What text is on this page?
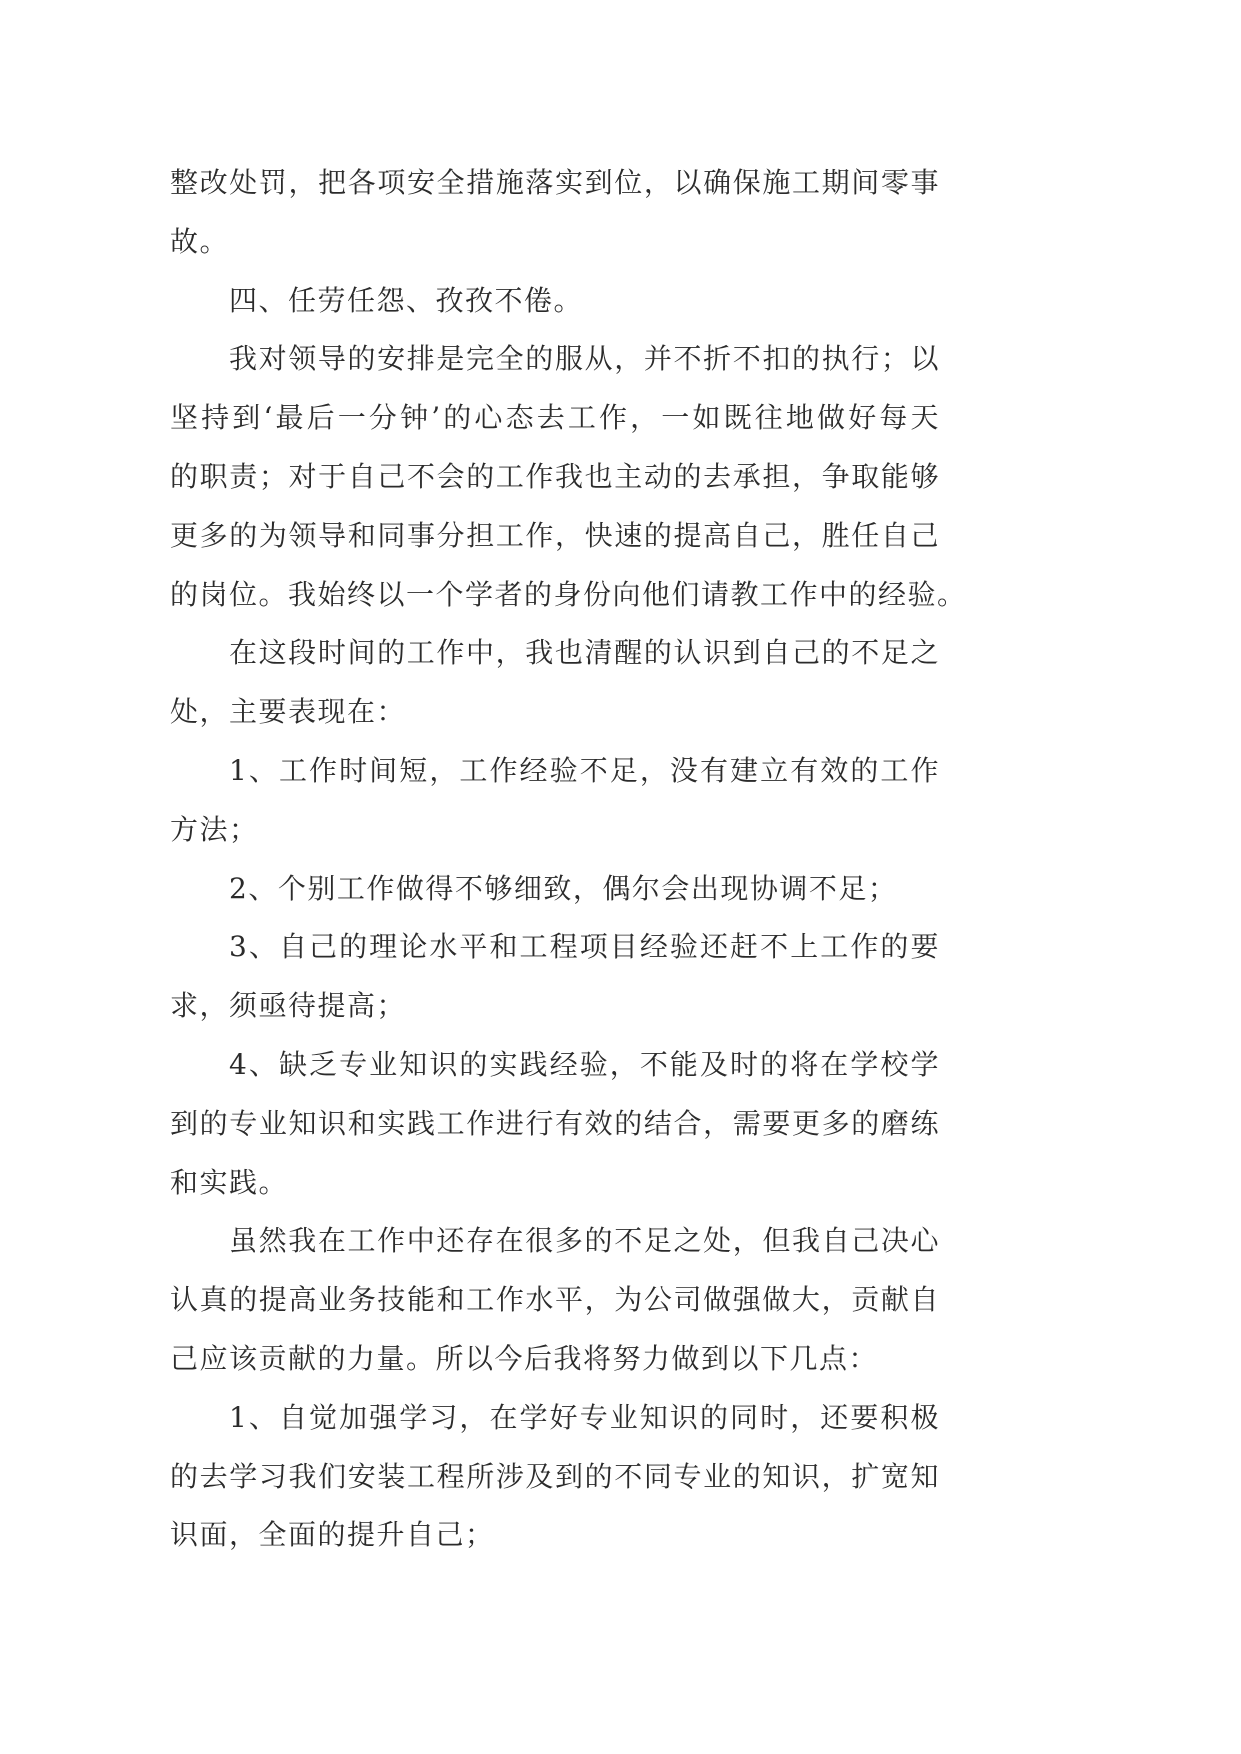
整改处罚，把各项安全措施落实到位，以确保施工期间零事
故。
四、任劳任怨、孜孜不倦。
我对领导的安排是完全的服从，并不折不扣的执行；以
坚持到‘最后一分钟’的心态去工作，一如既往地做好每天
的职责；对于自己不会的工作我也主动的去承担，争取能够
更多的为领导和同事分担工作，快速的提高自己，胜任自己
的岗位。我始终以一个学者的身份向他们请教工作中的经验。
在这段时间的工作中，我也清醒的认识到自己的不足之
处，主要表现在：
1、工作时间短，工作经验不足，没有建立有效的工作
方法；
2、个别工作做得不够细致，偶尔会出现协调不足；
3、自己的理论水平和工程项目经验还赶不上工作的要
求，须亟待提高；
4、缺乏专业知识的实践经验，不能及时的将在学校学
到的专业知识和实践工作进行有效的结合，需要更多的磨练
和实践。
虽然我在工作中还存在很多的不足之处，但我自己决心
认真的提高业务技能和工作水平，为公司做强做大，贡献自
己应该贡献的力量。所以今后我将努力做到以下几点：
1、自觉加强学习，在学好专业知识的同时，还要积极
的去学习我们安装工程所涉及到的不同专业的知识，扩宽知
识面，全面的提升自己；
